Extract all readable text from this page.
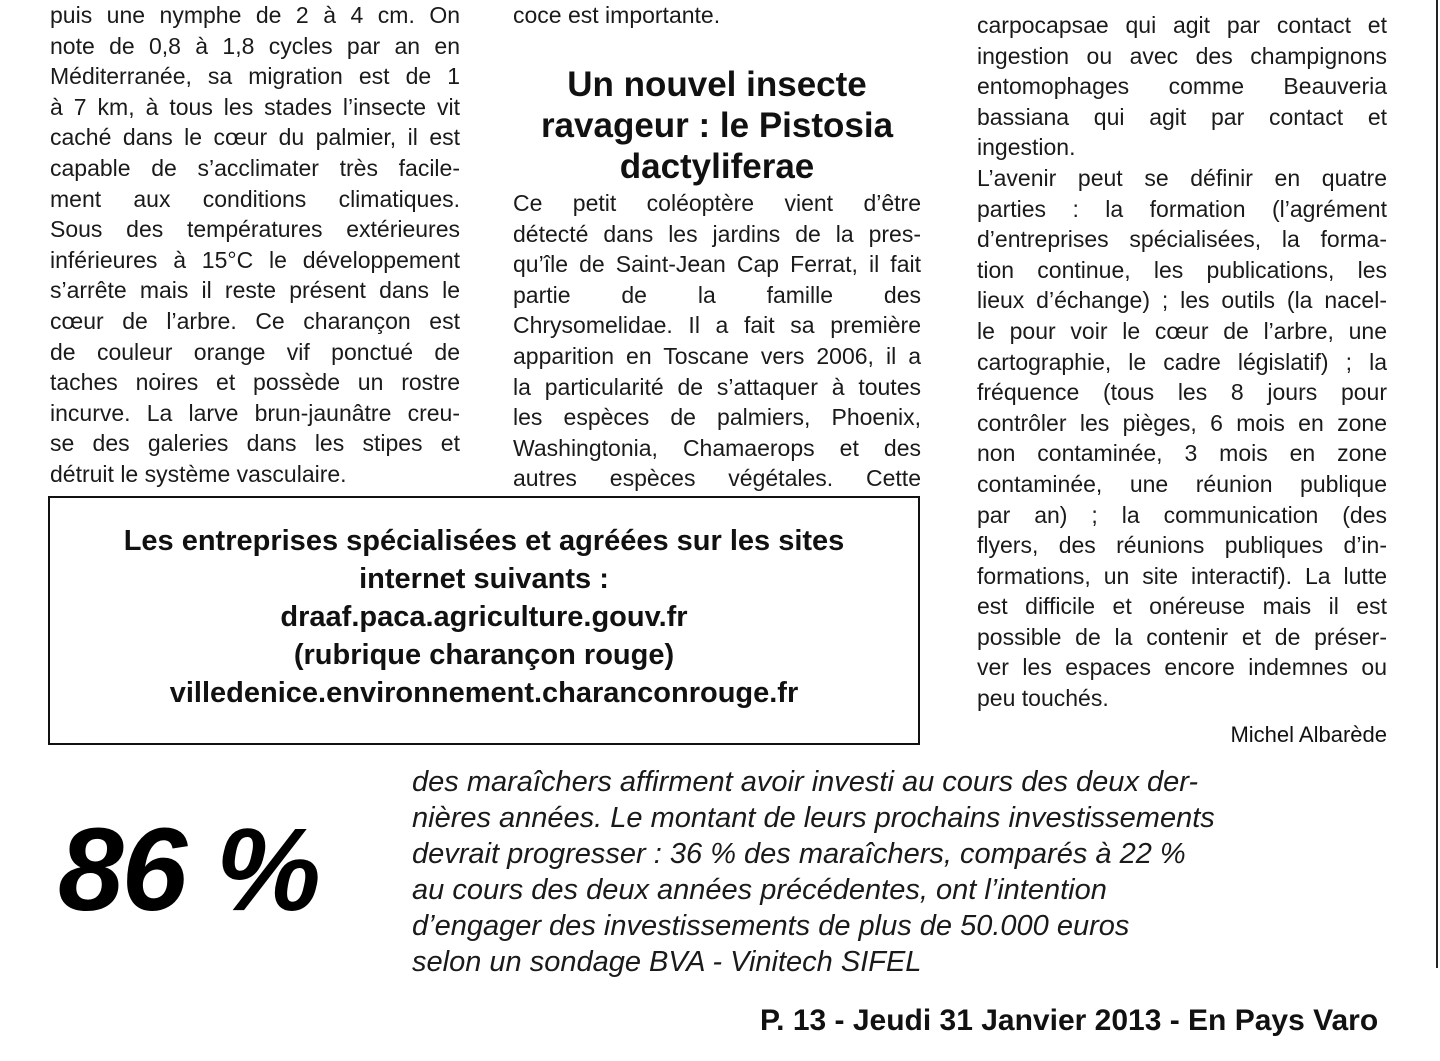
puis une nymphe de 2 à 4 cm. On
note de 0,8 à 1,8 cycles par an en
Méditerranée, sa migration est de 1
à 7 km, à tous les stades l’insecte vit
caché dans le cœur du palmier, il est
capable de s’acclimater très facile-
ment aux conditions climatiques.
Sous des températures extérieures
inférieures à 15°C le développement
s’arrête mais il reste présent dans le
cœur de l’arbre. Ce charançon est
de couleur orange vif ponctué de
taches noires et possède un rostre
incurve. La larve brun-jaunâtre creu-
se des galeries dans les stipes et
détruit le système vasculaire.
coce est importante.
Un nouvel insecte
ravageur : le Pistosia
dactyliferae
Ce petit coléoptère vient d’être
détecté dans les jardins de la pres-
qu’île de Saint-Jean Cap Ferrat, il fait
partie de la famille des
Chrysomelidae. Il a fait sa première
apparition en Toscane vers 2006, il a
la particularité de s’attaquer à toutes
les espèces de palmiers, Phoenix,
Washingtonia, Chamaerops et des
autres espèces végétales. Cette
carpocapsae qui agit par contact et
ingestion ou avec des champignons
entomophages comme Beauveria
bassiana qui agit par contact et
ingestion.
L’avenir peut se définir en quatre
parties : la formation (l’agrément
d’entreprises spécialisées, la forma-
tion continue, les publications, les
lieux d’échange) ; les outils (la nacel-
le pour voir le cœur de l’arbre, une
cartographie, le cadre législatif) ; la
fréquence (tous les 8 jours pour
contrôler les pièges, 6 mois en zone
non contaminée, 3 mois en zone
contaminée, une réunion publique
par an) ; la communication (des
flyers, des réunions publiques d’in-
formations, un site interactif). La lutte
est difficile et onéreuse mais il est
possible de la contenir et de préser-
ver les espaces encore indemnes ou
peu touchés.
Michel Albarède
Les entreprises spécialisées et agréées sur les sites
internet suivants :
draaf.paca.agriculture.gouv.fr
(rubrique charançon rouge)
villedenice.environnement.charanconrouge.fr
86 %
des maraîchers affirment avoir investi au cours des deux der-
nières années. Le montant de leurs prochains investissements
devrait progresser : 36 % des maraîchers, comparés à 22 %
au cours des deux années précédentes, ont l’intention
d’engager des investissements de plus de 50.000 euros
selon un sondage BVA - Vinitech SIFEL
P. 13 - Jeudi 31 Janvier 2013 - En Pays Varo
